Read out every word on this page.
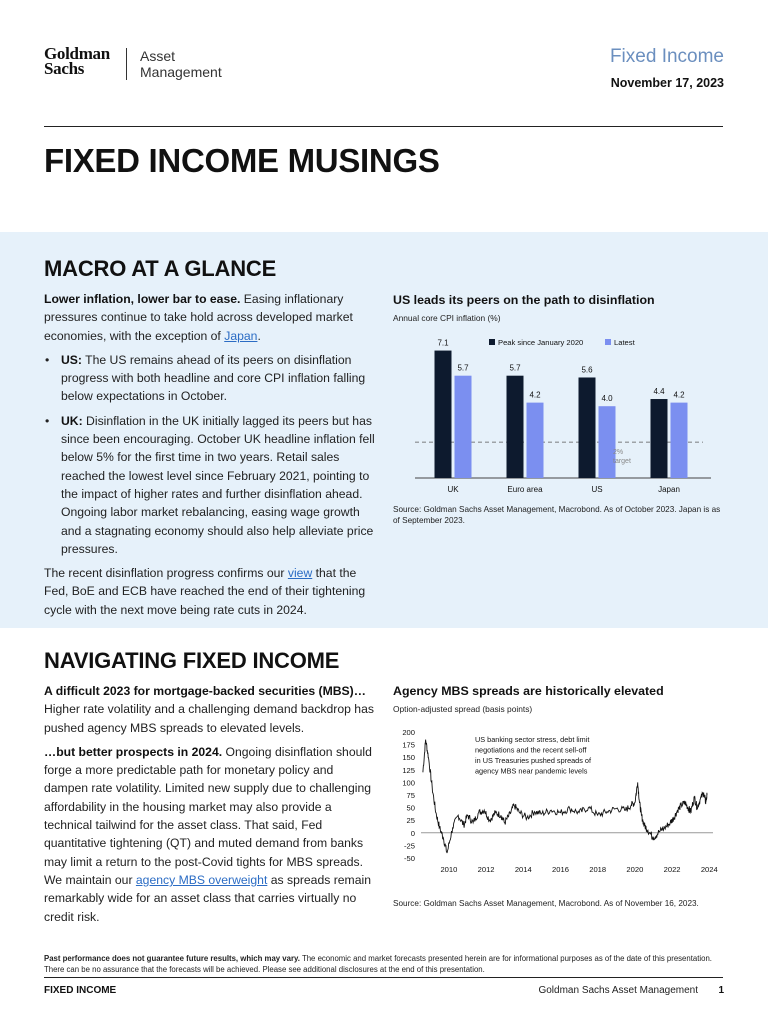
Goldman
Sachs
Asset
Management
Fixed Income
November 17, 2023
FIXED INCOME MUSINGS
MACRO AT A GLANCE

Lower inflation, lower bar to ease. Easing inflationary pressures continue to take hold across developed market economies, with the exception of Japan.

• US: The US remains ahead of its peers on disinflation progress with both headline and core CPI inflation falling below expectations in October.
• UK: Disinflation in the UK initially lagged its peers but has since been encouraging. October UK headline inflation fell below 5% for the first time in two years. Retail sales reached the lowest level since February 2021, pointing to the impact of higher rates and further disinflation ahead. Ongoing labor market rebalancing, easing wage growth and a stagnating economy should also help alleviate price pressures.

The recent disinflation progress confirms our view that the Fed, BoE and ECB have reached the end of their tightening cycle with the next move being rate cuts in 2024.

US leads its peers on the path to disinflation
Annual core CPI inflation (%)
7.1
5.7
UK
5.7
4.2
Euro area
5.6
4.0
US
4.4 4.2
Japan
2%
target
Peak since January 2020	Latest
Source: Goldman Sachs Asset Management, Macrobond. As of October 2023. Japan is as of September 2023.
NAVIGATING FIXED INCOME

A difficult 2023 for mortgage-backed securities (MBS)… Higher rate volatility and a challenging demand backdrop has pushed agency MBS spreads to elevated levels.

…but better prospects in 2024. Ongoing disinflation should forge a more predictable path for monetary policy and dampen rate volatility. Limited new supply due to challenging affordability in the housing market may also provide a technical tailwind for the asset class. That said, Fed quantitative tightening (QT) and muted demand from banks may limit a return to the post-Covid tights for MBS spreads. We maintain our agency MBS overweight as spreads remain remarkably wide for an asset class that carries virtually no credit risk.

Agency MBS spreads are historically elevated
Option-adjusted spread (basis points)
200
175
150
125
100
75
50
25
0
-25
-50
2010	2012	2014	2016	2018	2020	2022	2024
US banking sector stress, debt limit
negotiations and the recent sell-off
in US Treasuries pushed spreads of
agency MBS near pandemic levels
Source: Goldman Sachs Asset Management, Macrobond. As of November 16, 2023.
Past performance does not guarantee future results, which may vary. The economic and market forecasts presented herein are for informational purposes as of the date of this presentation. There can be no assurance that the forecasts will be achieved. Please see additional disclosures at the end of this presentation.
FIXED INCOME	Goldman Sachs Asset Management 1
